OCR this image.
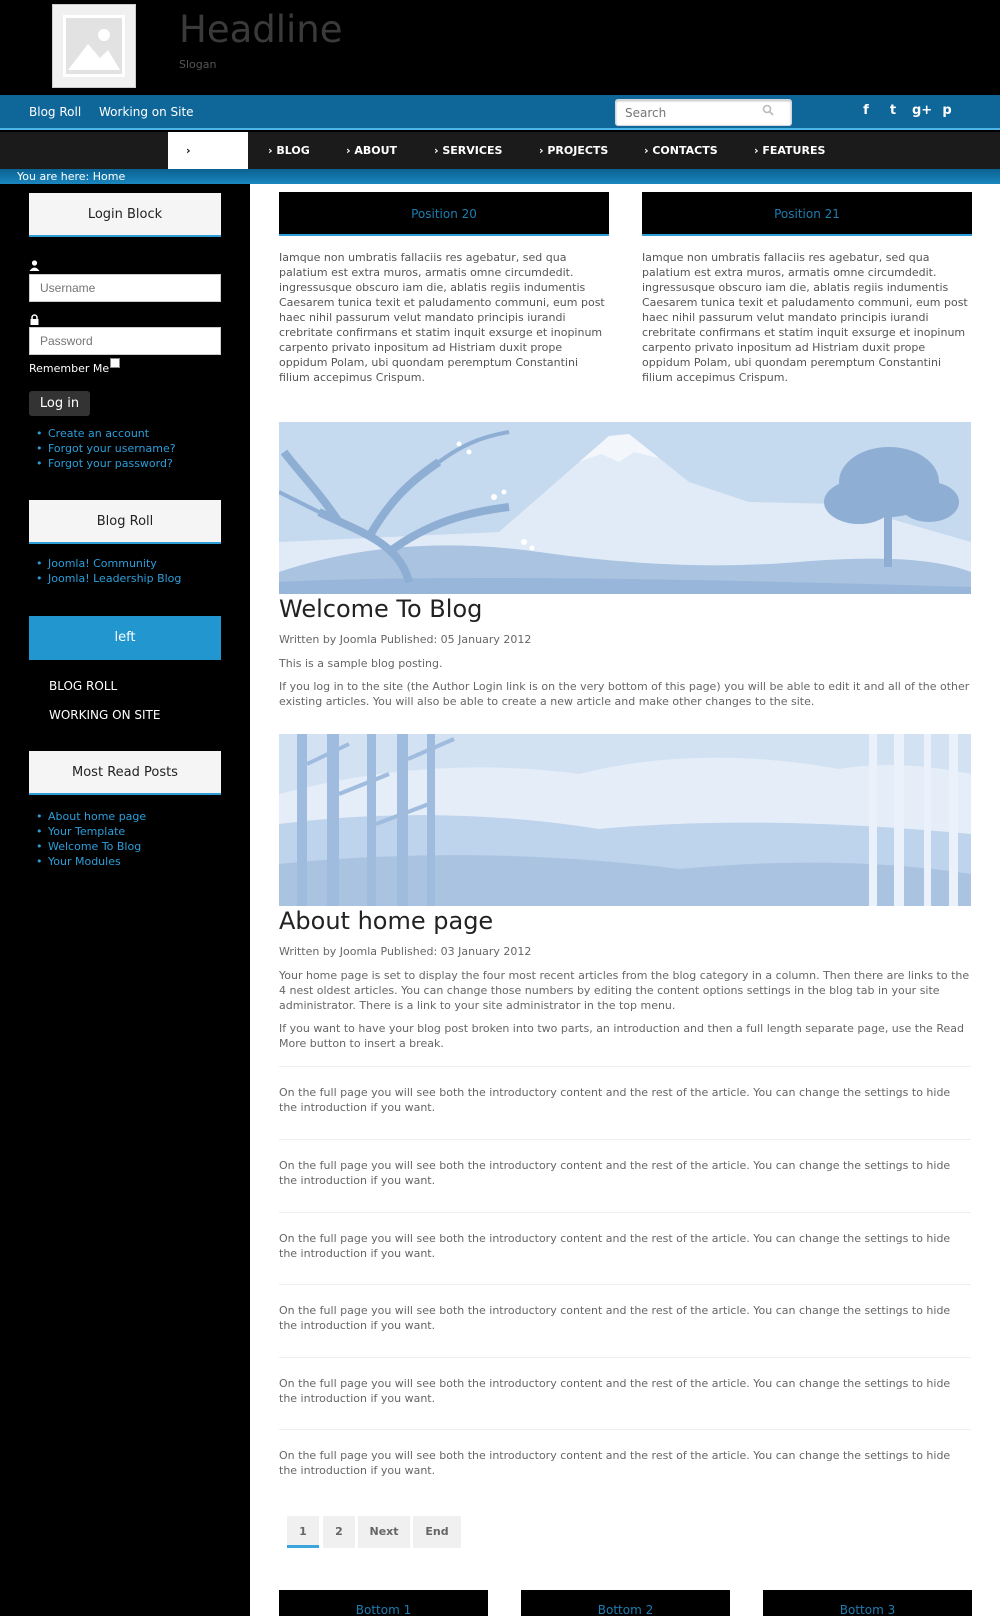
Headline
Slogan
Blog Roll Working on Site
Search	f	t g+ p
›	› BLOG	› ABOUT	› SERVICES	› PROJECTS	› CONTACTS	› FEATURES
You are here: Home
Login Block
Username
Password
Remember Me
Log in
• Create an account
• Forgot your username?
• Forgot your password?
Blog Roll
• Joomla! Community
• Joomla! Leadership Blog
left
BLOG ROLL
WORKING ON SITE
Most Read Posts
• About home page
• Your Template
• Welcome To Blog
• Your Modules
Position 20
Iamque non umbratis fallaciis res agebatur, sed qua palatium est extra muros, armatis omne circumdedit. ingressusque obscuro iam die, ablatis regiis indumentis Caesarem tunica texit et paludamento communi, eum post haec nihil passurum velut mandato principis iurandi crebritate confirmans et statim inquit exsurge et inopinum carpento privato inpositum ad Histriam duxit prope oppidum Polam, ubi quondam peremptum Constantini filium accepimus Crispum.
Position 21
Iamque non umbratis fallaciis res agebatur, sed qua palatium est extra muros, armatis omne circumdedit. ingressusque obscuro iam die, ablatis regiis indumentis Caesarem tunica texit et paludamento communi, eum post haec nihil passurum velut mandato principis iurandi crebritate confirmans et statim inquit exsurge et inopinum carpento privato inpositum ad Histriam duxit prope oppidum Polam, ubi quondam peremptum Constantini filium accepimus Crispum.
Welcome To Blog
Written by Joomla Published: 05 January 2012
This is a sample blog posting.
If you log in to the site (the Author Login link is on the very bottom of this page) you will be able to edit it and all of the other existing articles. You will also be able to create a new article and make other changes to the site.
About home page
Written by Joomla Published: 03 January 2012
Your home page is set to display the four most recent articles from the blog category in a column. Then there are links to the 4 nest oldest articles. You can change those numbers by editing the content options settings in the blog tab in your site administrator. There is a link to your site administrator in the top menu.
If you want to have your blog post broken into two parts, an introduction and then a full length separate page, use the Read More button to insert a break.
On the full page you will see both the introductory content and the rest of the article. You can change the settings to hide the introduction if you want.
On the full page you will see both the introductory content and the rest of the article. You can change the settings to hide the introduction if you want.
On the full page you will see both the introductory content and the rest of the article. You can change the settings to hide the introduction if you want.
On the full page you will see both the introductory content and the rest of the article. You can change the settings to hide the introduction if you want.
On the full page you will see both the introductory content and the rest of the article. You can change the settings to hide the introduction if you want.
On the full page you will see both the introductory content and the rest of the article. You can change the settings to hide the introduction if you want.
1	2	Next	End
Bottom 1	Bottom 2	Bottom 3
